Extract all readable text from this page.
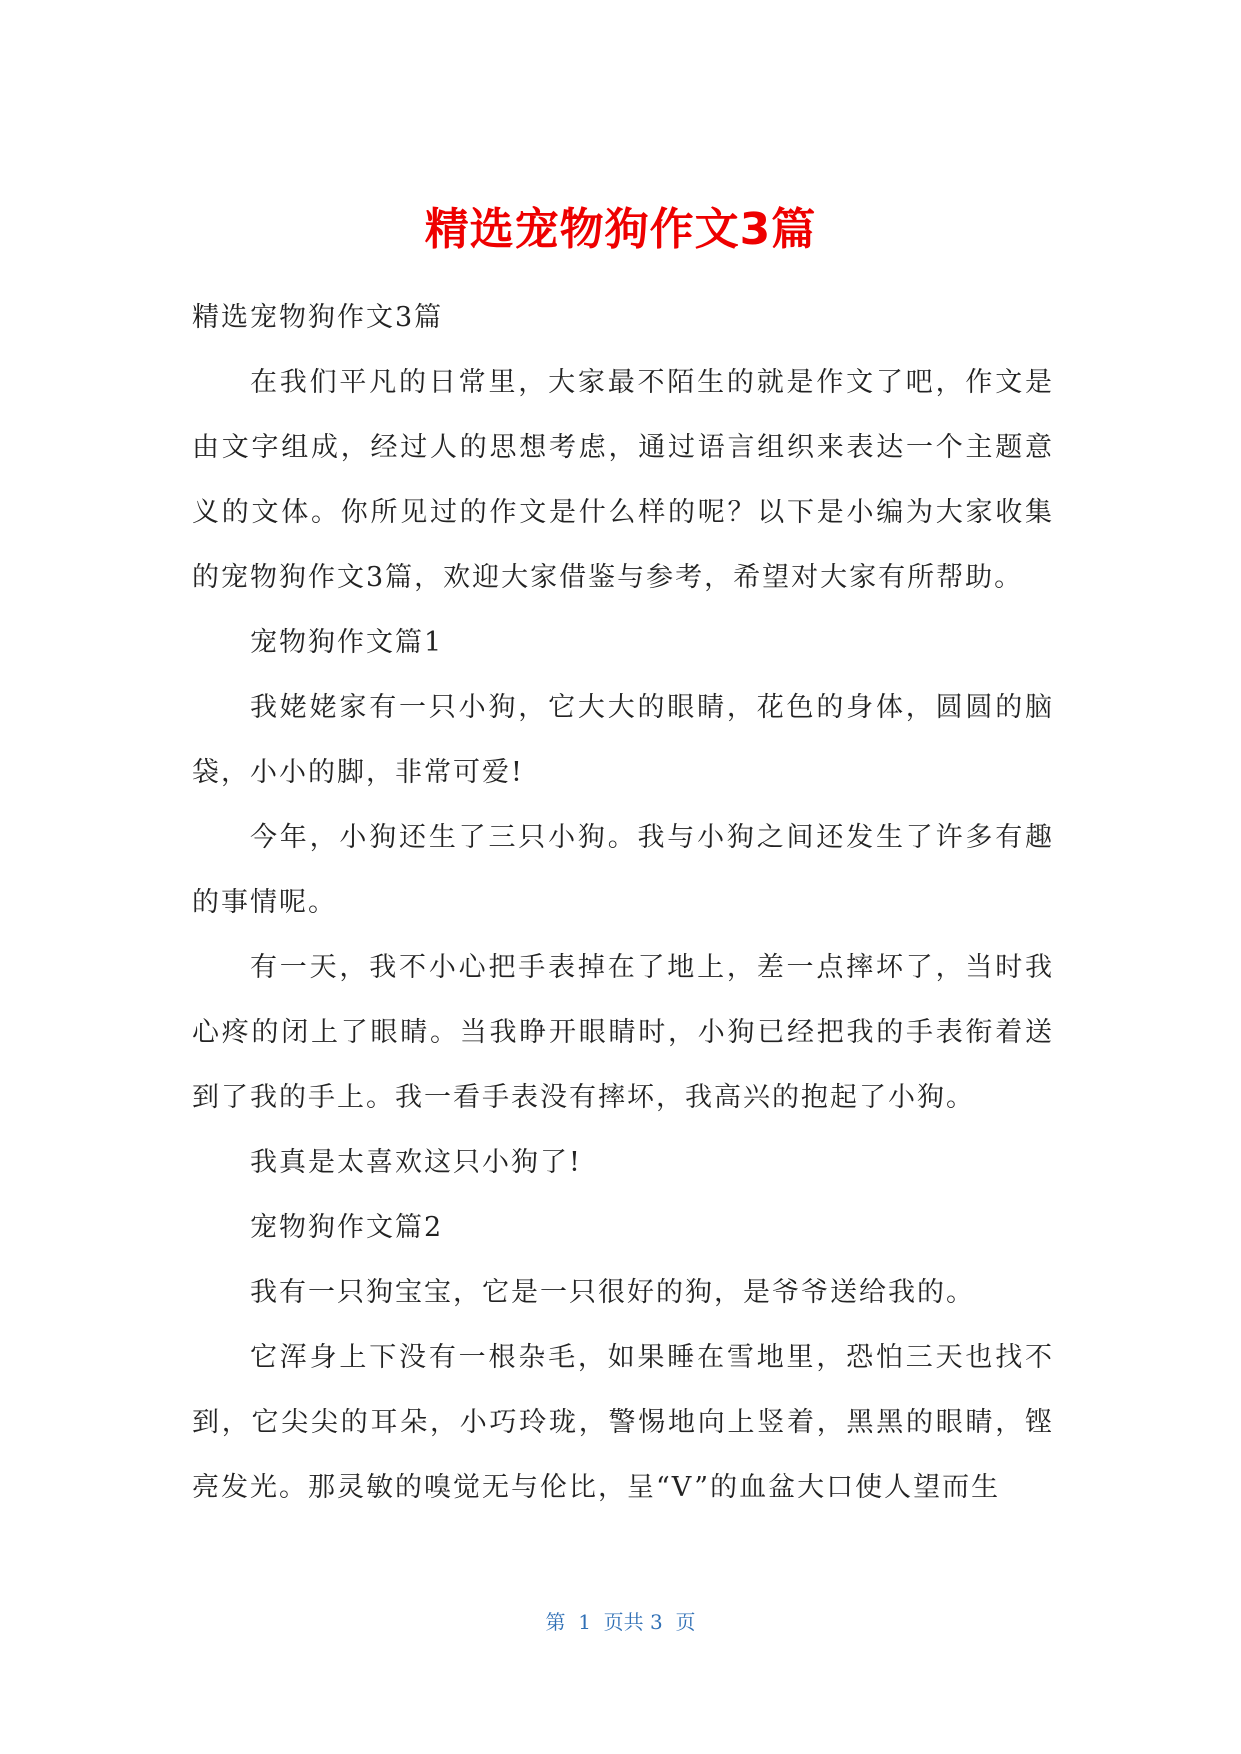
精选宠物狗作文3篇

精选宠物狗作文3篇

在我们平凡的日常里，大家最不陌生的就是作文了吧，作文是由文字组成，经过人的思想考虑，通过语言组织来表达一个主题意义的文体。你所见过的作文是什么样的呢？以下是小编为大家收集的宠物狗作文3篇，欢迎大家借鉴与参考，希望对大家有所帮助。

宠物狗作文篇1

我姥姥家有一只小狗，它大大的眼睛，花色的身体，圆圆的脑袋，小小的脚，非常可爱!

今年，小狗还生了三只小狗。我与小狗之间还发生了许多有趣的事情呢。

有一天，我不小心把手表掉在了地上，差一点摔坏了，当时我心疼的闭上了眼睛。当我睁开眼睛时，小狗已经把我的手表衔着送到了我的手上。我一看手表没有摔坏，我高兴的抱起了小狗。

我真是太喜欢这只小狗了!

宠物狗作文篇2

我有一只狗宝宝，它是一只很好的狗，是爷爷送给我的。

它浑身上下没有一根杂毛，如果睡在雪地里，恐怕三天也找不到，它尖尖的耳朵，小巧玲珑，警惕地向上竖着，黑黑的眼睛，铿亮发光。那灵敏的嗅觉无与伦比，呈“V”的血盆大口使人望而生

第  1  页共 3  页
